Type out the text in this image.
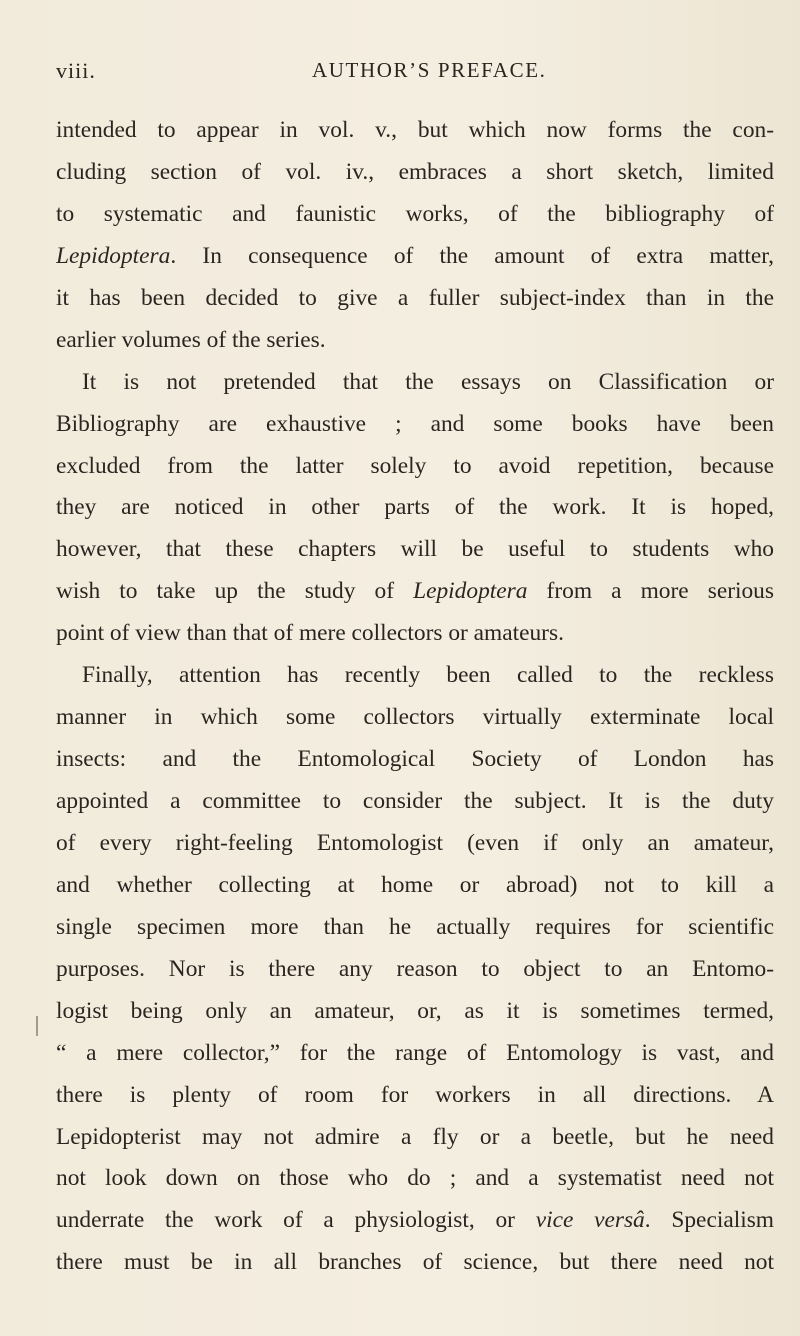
viii.	AUTHOR’S PREFACE.
intended to appear in vol. v., but which now forms the con-
cluding section of vol. iv., embraces a short sketch, limited
to systematic and faunistic works, of the bibliography of
Lepidoptera. In consequence of the amount of extra matter,
it has been decided to give a fuller subject-index than in the
earlier volumes of the series.
It is not pretended that the essays on Classification or
Bibliography are exhaustive ; and some books have been
excluded from the latter solely to avoid repetition, because
they are noticed in other parts of the work. It is hoped,
however, that these chapters will be useful to students who
wish to take up the study of Lepidoptera from a more serious
point of view than that of mere collectors or amateurs.
Finally, attention has recently been called to the reckless
manner in which some collectors virtually exterminate local
insects: and the Entomological Society of London has
appointed a committee to consider the subject. It is the duty
of every right-feeling Entomologist (even if only an amateur,
and whether collecting at home or abroad) not to kill a
single specimen more than he actually requires for scientific
purposes. Nor is there any reason to object to an Entomo-
logist being only an amateur, or, as it is sometimes termed,
“ a mere collector,” for the range of Entomology is vast, and
there is plenty of room for workers in all directions. A
Lepidopterist may not admire a fly or a beetle, but he need
not look down on those who do ; and a systematist need not
underrate the work of a physiologist, or vice versâ. Specialism
there must be in all branches of science, but there need not
